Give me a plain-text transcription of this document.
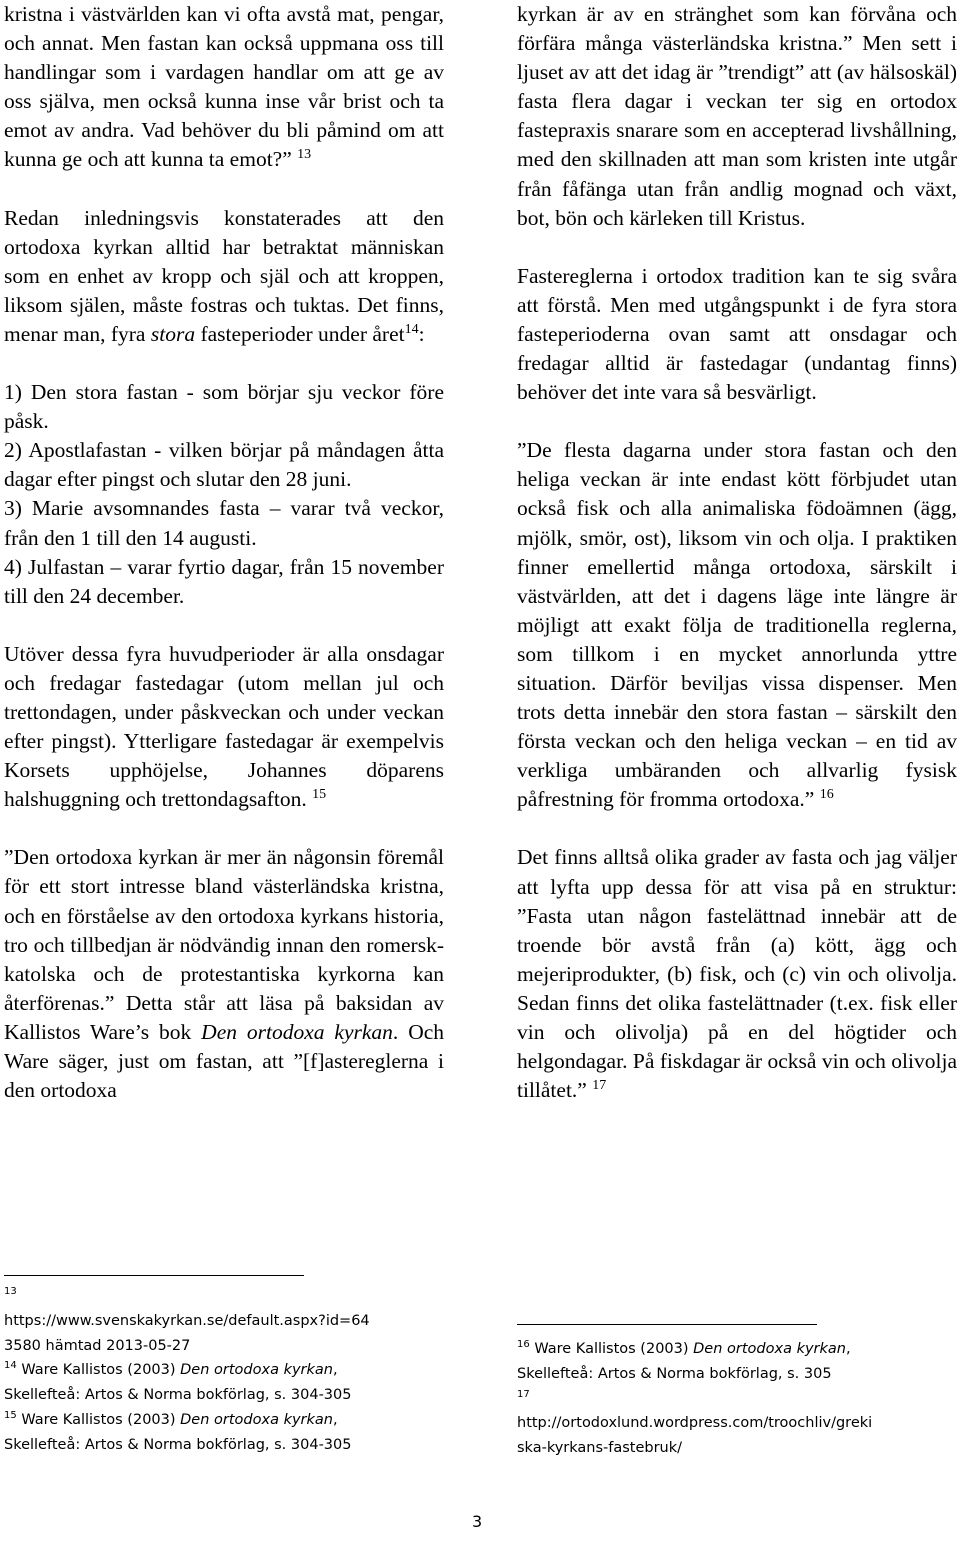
kristna i västvärlden kan vi ofta avstå mat, pengar, och annat. Men fastan kan också uppmana oss till handlingar som i vardagen handlar om att ge av oss själva, men också kunna inse vår brist och ta emot av andra. Vad behöver du bli påmind om att kunna ge och att kunna ta emot?” $^{13}$

Redan inledningsvis konstaterades att den ortodoxa kyrkan alltid har betraktat människan som en enhet av kropp och själ och att kroppen, liksom själen, måste fostras och tuktas. Det finns, menar man, fyra stora fasteperioder under året$^{14}$:

1) Den stora fastan - som börjar sju veckor före påsk.

2) Apostlafastan - vilken börjar på måndagen åtta dagar efter pingst och slutar den 28 juni.

3) Marie avsomnandes fasta – varar två veckor, från den 1 till den 14 augusti.

4) Julfastan – varar fyrtio dagar, från 15 november till den 24 december.

Utöver dessa fyra huvudperioder är alla onsdagar och fredagar fastedagar (utom mellan jul och trettondagen, under påskveckan och under veckan efter pingst). Ytterligare fastedagar är exempelvis Korsets upphöjelse, Johannes döparens halshuggning och trettondagsafton. $^{15}$

”Den ortodoxa kyrkan är mer än någonsin föremål för ett stort intresse bland västerländska kristna, och en förståelse av den ortodoxa kyrkans historia, tro och tillbedjan är nödvändig innan den romersk-katolska och de protestantiska kyrkorna kan återförenas.” Detta står att läsa på baksidan av Kallistos Ware’s bok Den ortodoxa kyrkan. Och Ware säger, just om fastan, att ”[f]astereglerna i den ortodoxa

kyrkan är av en stränghet som kan förvåna och förfära många västerländska kristna.” Men sett i ljuset av att det idag är ”trendigt” att (av hälsoskäl) fasta flera dagar i veckan ter sig en ortodox fastepraxis snarare som en accepterad livshållning, med den skillnaden att man som kristen inte utgår från fåfänga utan från andlig mognad och växt, bot, bön och kärleken till Kristus.

Fastereglerna i ortodox tradition kan te sig svåra att förstå. Men med utgångspunkt i de fyra stora fasteperioderna ovan samt att onsdagar och fredagar alltid är fastedagar (undantag finns) behöver det inte vara så besvärligt.

”De flesta dagarna under stora fastan och den heliga veckan är inte endast kött förbjudet utan också fisk och alla animaliska födoämnen (ägg, mjölk, smör, ost), liksom vin och olja. I praktiken finner emellertid många ortodoxa, särskilt i västvärlden, att det i dagens läge inte längre är möjligt att exakt följa de traditionella reglerna, som tillkom i en mycket annorlunda yttre situation. Därför beviljas vissa dispenser. Men trots detta innebär den stora fastan – särskilt den första veckan och den heliga veckan – en tid av verkliga umbäranden och allvarlig fysisk påfrestning för fromma ortodoxa.” $^{16}$

Det finns alltså olika grader av fasta och jag väljer att lyfta upp dessa för att visa på en struktur: ”Fasta utan någon fastelättnad innebär att de troende bör avstå från (a) kött, ägg och mejeriprodukter, (b) fisk, och (c) vin och olivolja. Sedan finns det olika fastelättnader (t.ex. fisk eller vin och olivolja) på en del högtider och helgondagar. På fiskdagar är också vin och olivolja tillåtet.” $^{17}$

$^{13}$
https://www.svenskakyrkan.se/default.aspx?id=64
3580 hämtad 2013-05-27
$^{14}$ Ware Kallistos (2003) Den ortodoxa kyrkan,
Skellefteå: Artos & Norma bokförlag, s. 304-305
$^{15}$ Ware Kallistos (2003) Den ortodoxa kyrkan,
Skellefteå: Artos & Norma bokförlag, s. 304-305
$^{16}$ Ware Kallistos (2003) Den ortodoxa kyrkan,
Skellefteå: Artos & Norma bokförlag, s. 305
$^{17}$
http://ortodoxlund.wordpress.com/troochliv/greki
ska-kyrkans-fastebruk/
3
